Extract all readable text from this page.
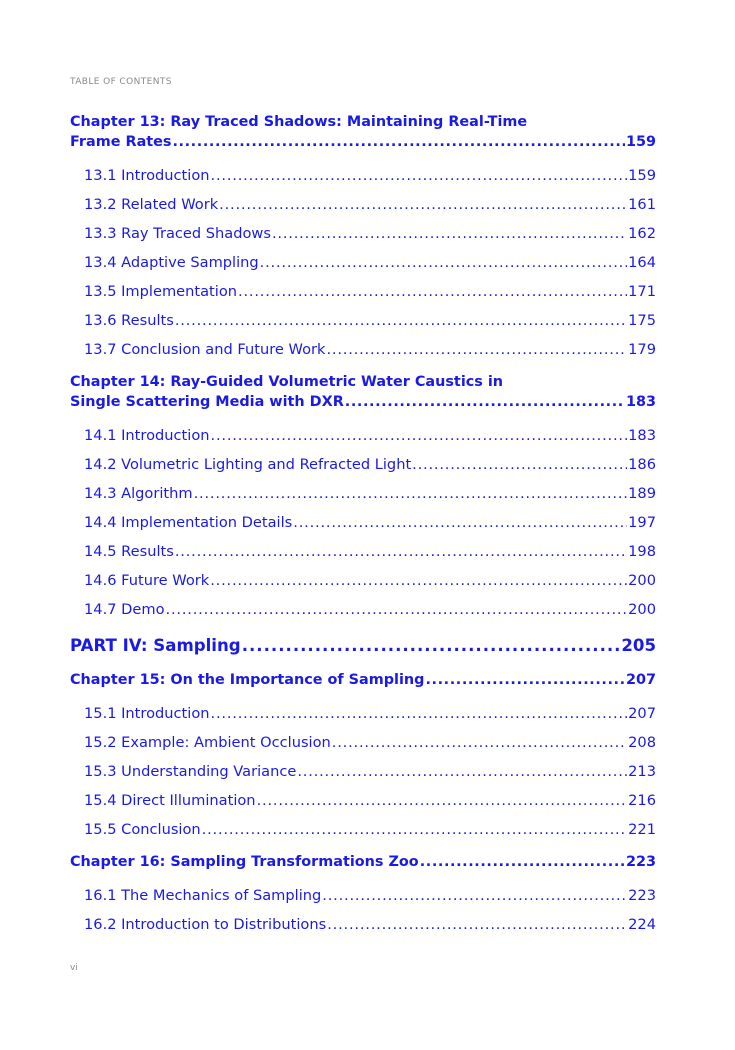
TABLE OF CONTENTS
Chapter 13: Ray Traced Shadows: Maintaining Real-Time
Frame Rates .....	159
13.1 Introduction .....	159
13.2 Related Work .....	161
13.3 Ray Traced Shadows .....	162
13.4 Adaptive Sampling .....	164
13.5 Implementation .....	171
13.6 Results .....	175
13.7 Conclusion and Future Work .....	179
Chapter 14: Ray-Guided Volumetric Water Caustics in
Single Scattering Media with DXR .....	183
14.1 Introduction .....	183
14.2 Volumetric Lighting and Refracted Light .....	186
14.3 Algorithm .....	189
14.4 Implementation Details .....	197
14.5 Results .....	198
14.6 Future Work .....	200
14.7 Demo .....	200
PART IV: Sampling .....	205
Chapter 15: On the Importance of Sampling .....	207
15.1 Introduction .....	207
15.2 Example: Ambient Occlusion .....	208
15.3 Understanding Variance .....	213
15.4 Direct Illumination .....	216
15.5 Conclusion .....	221
Chapter 16: Sampling Transformations Zoo .....	223
16.1 The Mechanics of Sampling .....	223
16.2 Introduction to Distributions .....	224
vi
